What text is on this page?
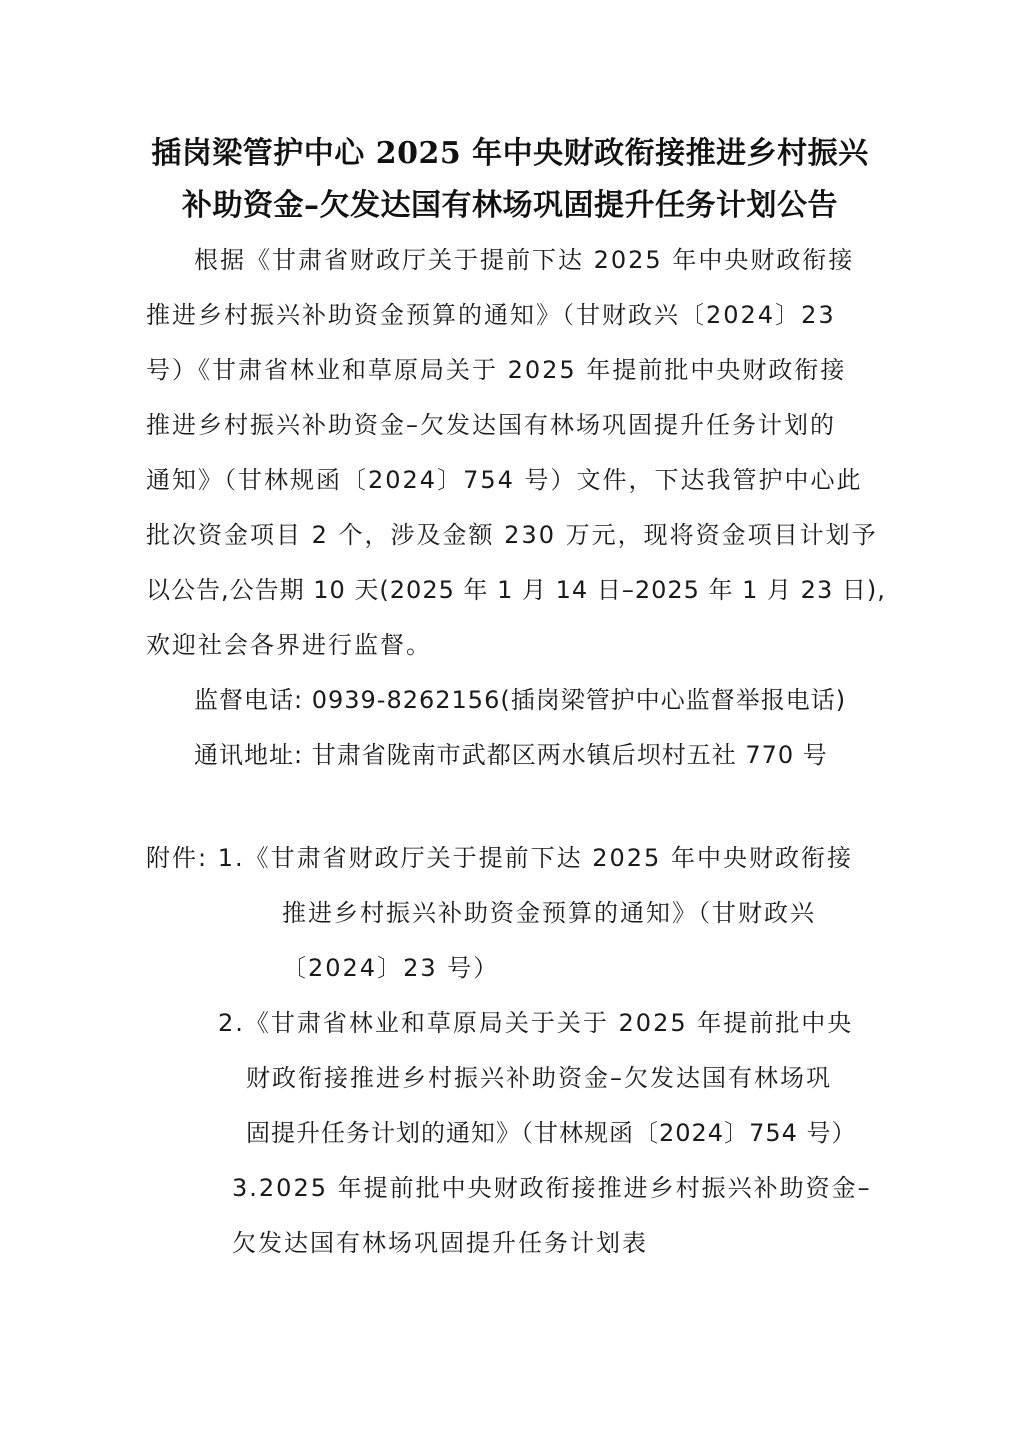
插岗梁管护中心 2025 年中央财政衔接推进乡村振兴
补助资金–欠发达国有林场巩固提升任务计划公告
根据《甘肃省财政厅关于提前下达 2025 年中央财政衔接
推进乡村振兴补助资金预算的通知》（甘财政兴〔2024〕23
号）《甘肃省林业和草原局关于 2025 年提前批中央财政衔接
推进乡村振兴补助资金–欠发达国有林场巩固提升任务计划的
通知》（甘林规函〔2024〕754 号）文件，下达我管护中心此
批次资金项目 2 个，涉及金额 230 万元，现将资金项目计划予
以公告,公告期 10 天(2025 年 1 月 14 日–2025 年 1 月 23 日),
欢迎社会各界进行监督。
监督电话: 0939-8262156(插岗梁管护中心监督举报电话)
通讯地址: 甘肃省陇南市武都区两水镇后坝村五社 770 号
附件: 1.《甘肃省财政厅关于提前下达 2025 年中央财政衔接
推进乡村振兴补助资金预算的通知》（甘财政兴
〔2024〕23 号）
2.《甘肃省林业和草原局关于关于 2025 年提前批中央
财政衔接推进乡村振兴补助资金–欠发达国有林场巩
固提升任务计划的通知》（甘林规函〔2024〕754 号）
3.2025 年提前批中央财政衔接推进乡村振兴补助资金–
欠发达国有林场巩固提升任务计划表
